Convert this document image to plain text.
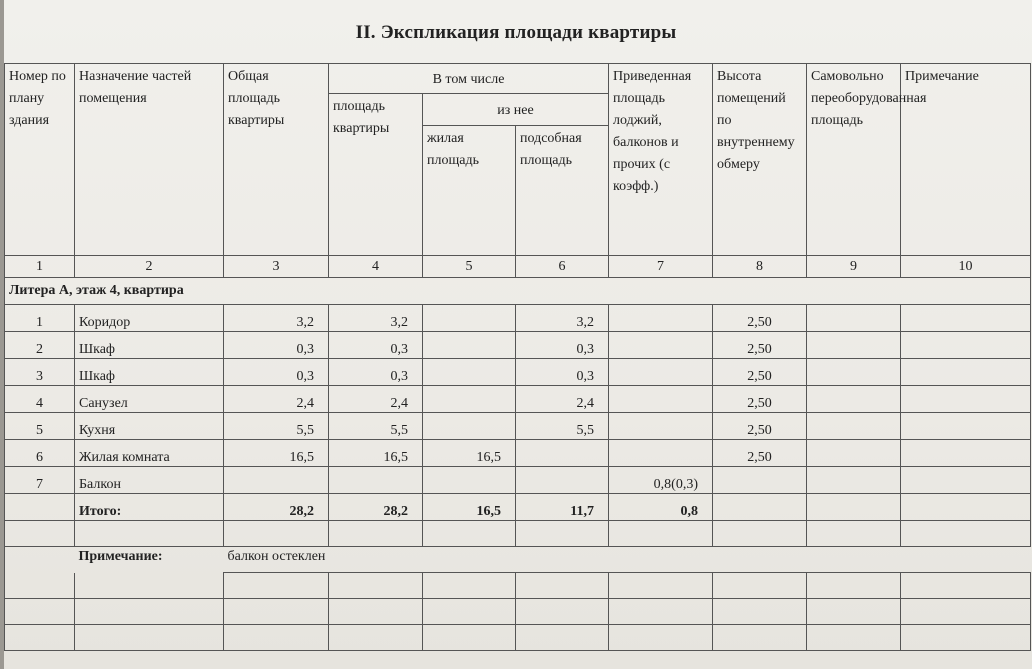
II. Экспликация площади квартиры
Номер по плану здания	Назначение частей помещения	Общая площадь квартиры	В том числе			Приведенная площадь лоджий, балконов и прочих (с коэфф.)	Высота помещений по внутреннему обмеру	Самовольно переоборудованная площадь	Примечание
			площадь квартиры	из нее					
				жилая площадь	подсобная площадь				
1	2	3	4	5	6	7	8	9	10
Литера А, этаж 4, квартира									
1	Коридор	3,2	3,2		3,2		2,50		
2	Шкаф	0,3	0,3		0,3		2,50		
3	Шкаф	0,3	0,3		0,3		2,50		
4	Санузел	2,4	2,4		2,4		2,50		
5	Кухня	5,5	5,5		5,5		2,50		
6	Жилая комната	16,5	16,5	16,5			2,50		
7	Балкон					0,8(0,3)			
	Итого:	28,2	28,2	16,5	11,7	0,8			

	Примечание:	балкон остеклен							
